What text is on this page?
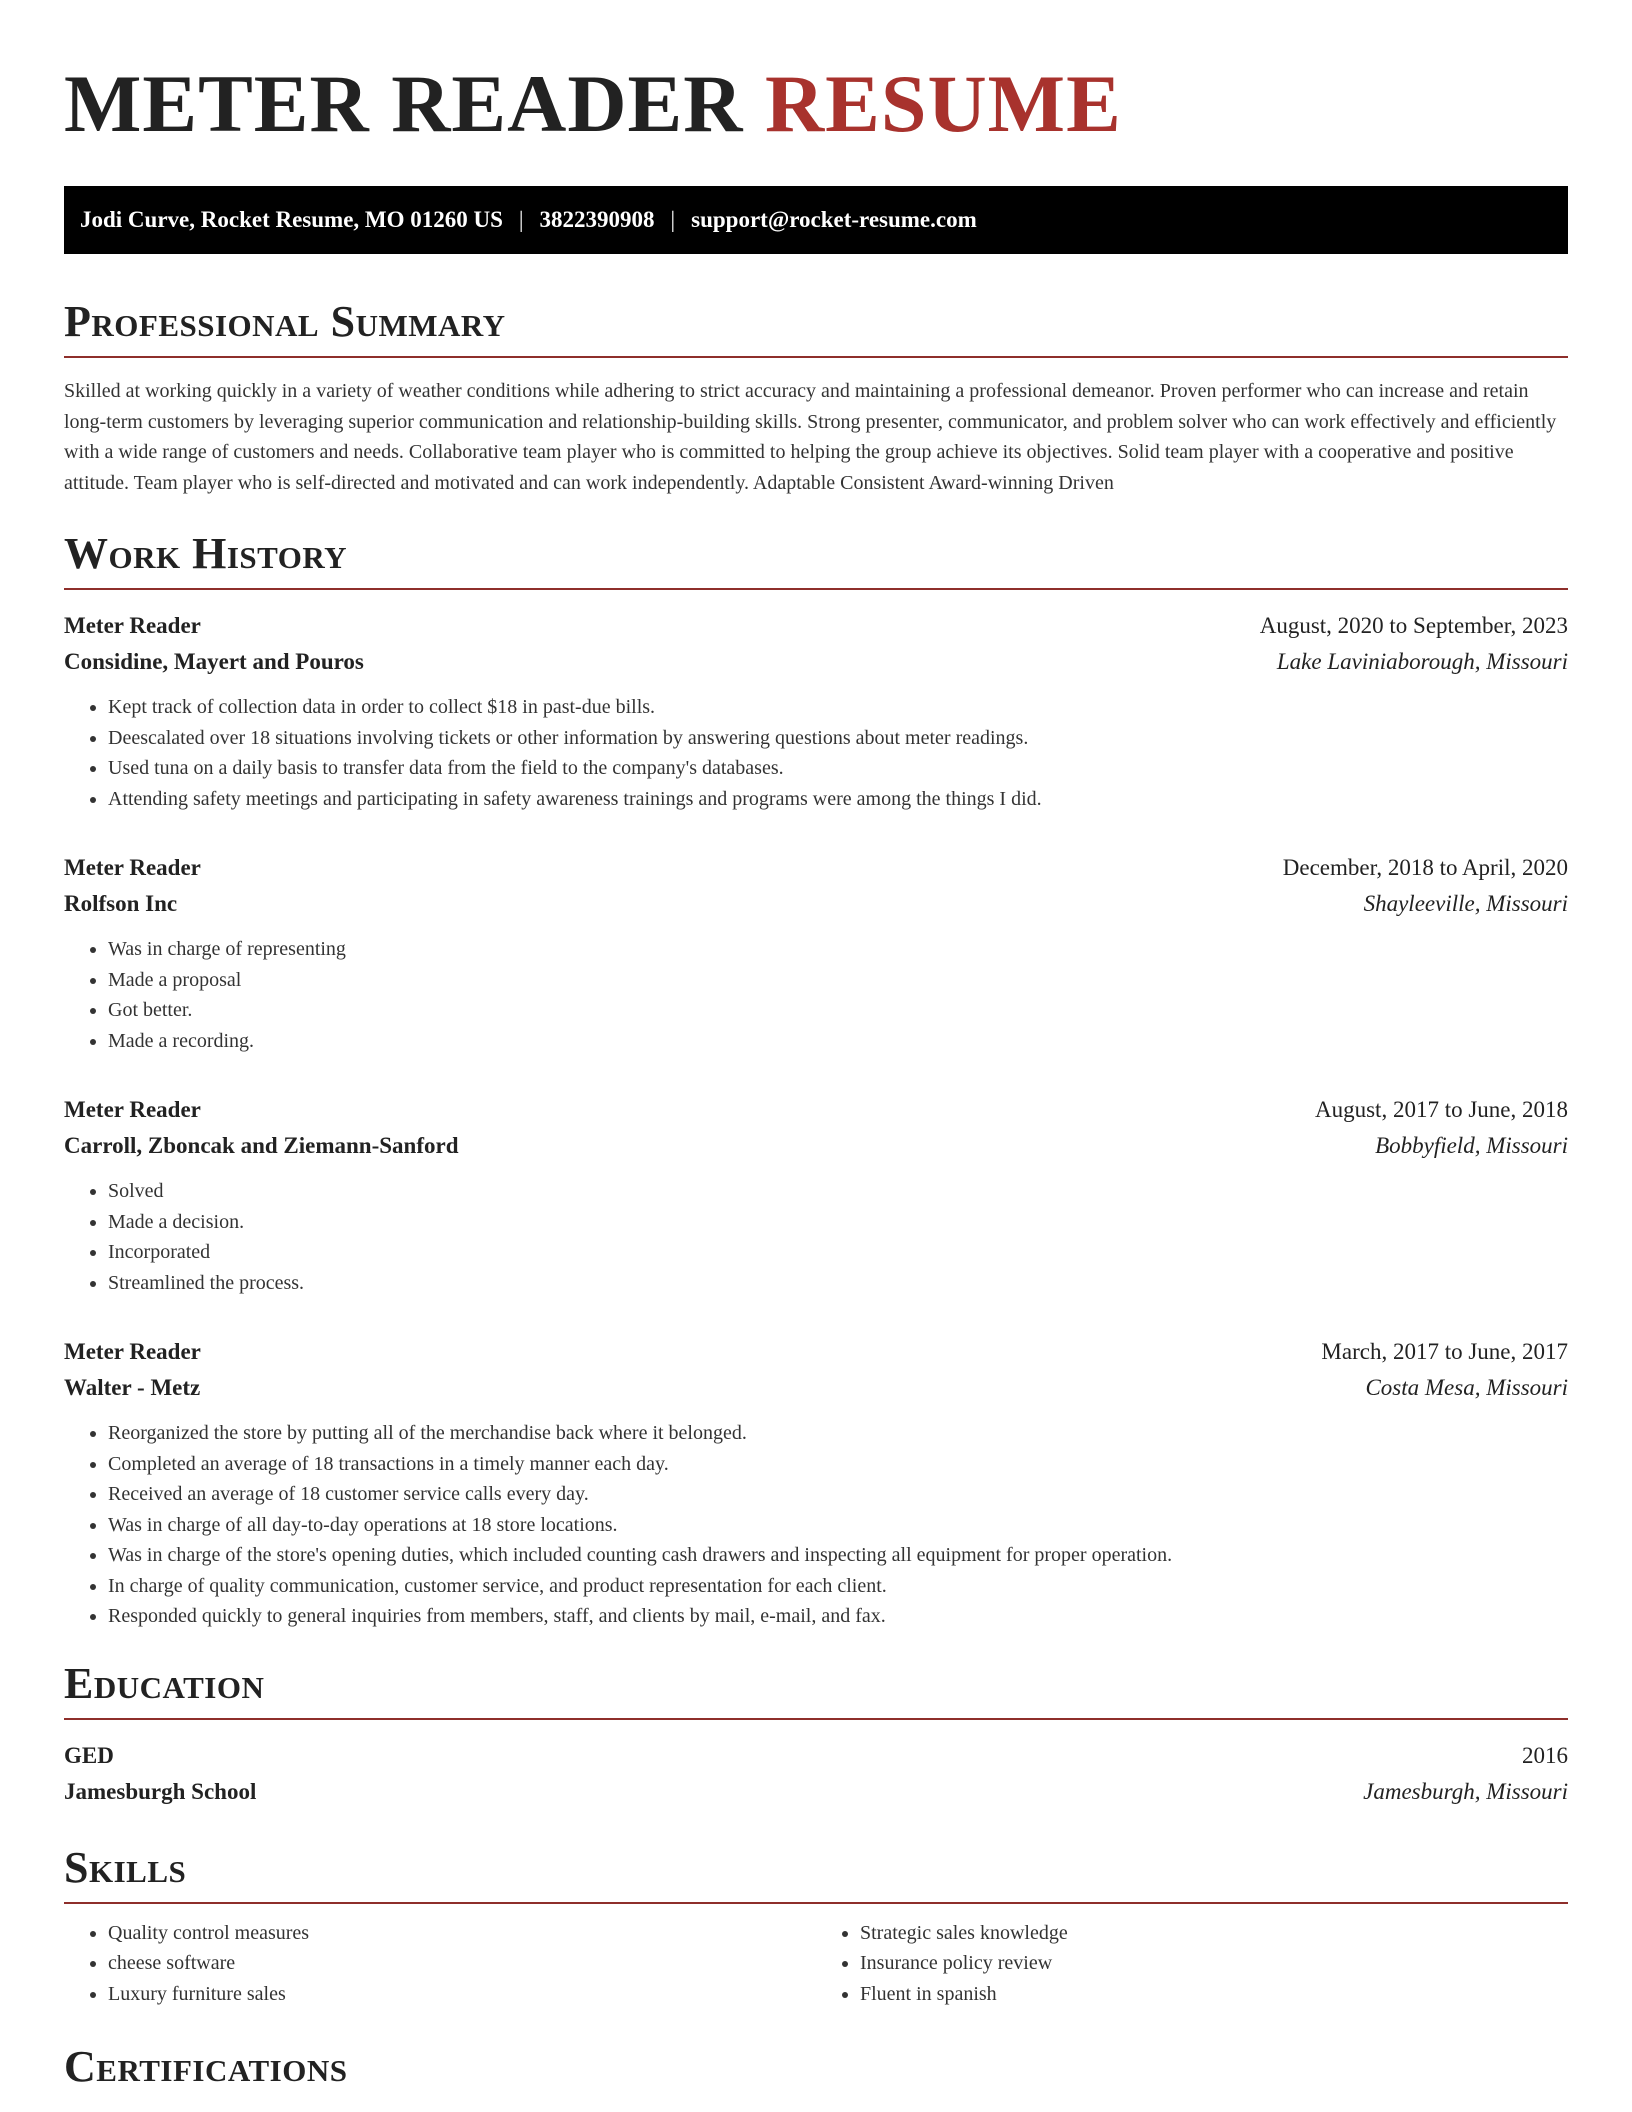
METER READER RESUME
Jodi Curve, Rocket Resume, MO 01260 US | 3822390908 | support@rocket-resume.com
Professional Summary

Skilled at working quickly in a variety of weather conditions while adhering to strict accuracy and maintaining a professional demeanor. Proven performer who can increase and retain long-term customers by leveraging superior communication and relationship-building skills. Strong presenter, communicator, and problem solver who can work effectively and efficiently with a wide range of customers and needs. Collaborative team player who is committed to helping the group achieve its objectives. Solid team player with a cooperative and positive attitude. Team player who is self-directed and motivated and can work independently. Adaptable Consistent Award-winning Driven

Work History
Meter Reader	August, 2020 to September, 2023
Considine, Mayert and Pouros	Lake Laviniaborough, Missouri
• Kept track of collection data in order to collect $18 in past-due bills.
• Deescalated over 18 situations involving tickets or other information by answering questions about meter readings.
• Used tuna on a daily basis to transfer data from the field to the company's databases.
• Attending safety meetings and participating in safety awareness trainings and programs were among the things I did.
Meter Reader	December, 2018 to April, 2020
Rolfson Inc	Shayleeville, Missouri
• Was in charge of representing
• Made a proposal
• Got better.
• Made a recording.
Meter Reader	August, 2017 to June, 2018
Carroll, Zboncak and Ziemann-Sanford	Bobbyfield, Missouri
• Solved
• Made a decision.
• Incorporated
• Streamlined the process.
Meter Reader	March, 2017 to June, 2017
Walter - Metz	Costa Mesa, Missouri
• Reorganized the store by putting all of the merchandise back where it belonged.
• Completed an average of 18 transactions in a timely manner each day.
• Received an average of 18 customer service calls every day.
• Was in charge of all day-to-day operations at 18 store locations.
• Was in charge of the store's opening duties, which included counting cash drawers and inspecting all equipment for proper operation.
• In charge of quality communication, customer service, and product representation for each client.
• Responded quickly to general inquiries from members, staff, and clients by mail, e-mail, and fax.
Education
GED	2016
Jamesburgh School	Jamesburgh, Missouri
Skills
• Quality control measures
• cheese software
• Luxury furniture sales
• Strategic sales knowledge
• Insurance policy review
• Fluent in spanish
Certifications
